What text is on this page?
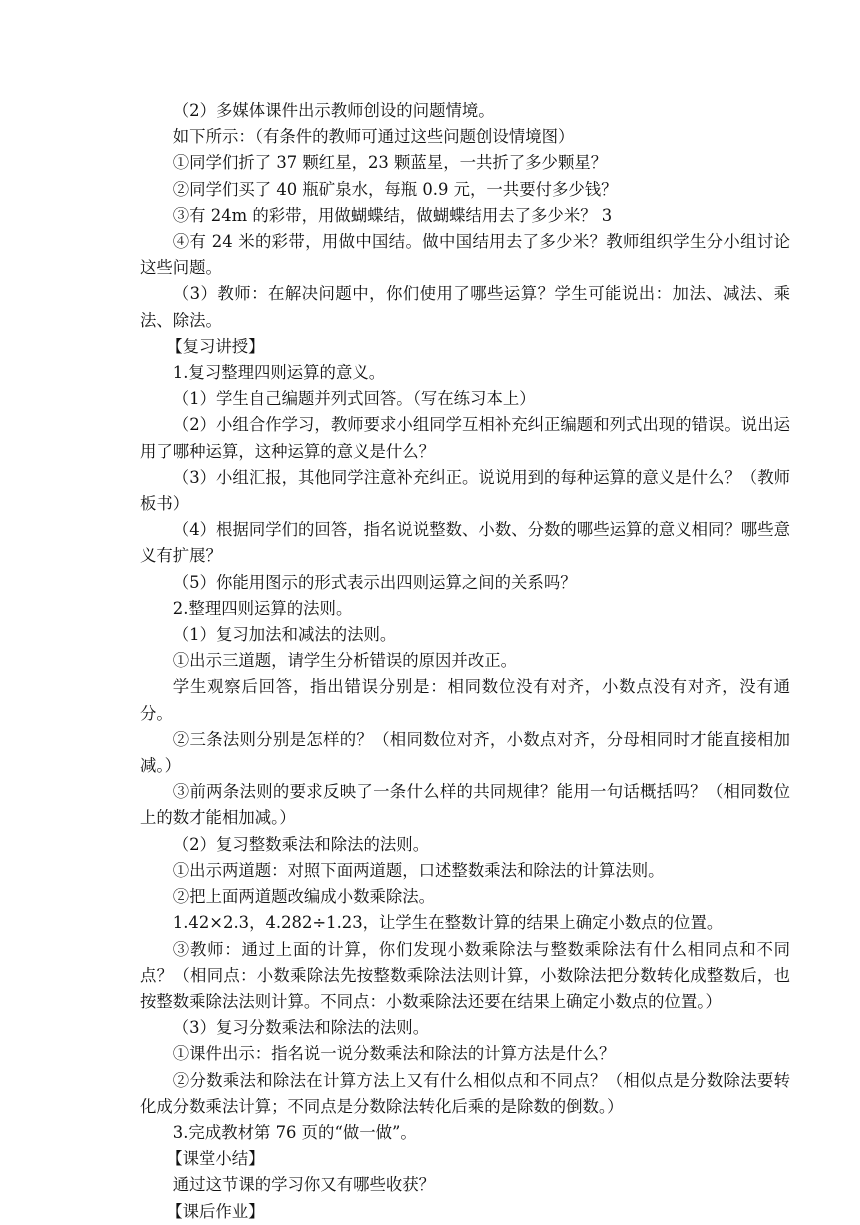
（2）多媒体课件出示教师创设的问题情境。

如下所示：（有条件的教师可通过这些问题创设情境图）

①同学们折了 37 颗红星，23 颗蓝星，一共折了多少颗星？

②同学们买了 40 瓶矿泉水，每瓶 0.9 元，一共要付多少钱？

③有 24m 的彩带，用做蝴蝶结，做蝴蝶结用去了多少米？ 3

④有 24 米的彩带，用做中国结。做中国结用去了多少米？教师组织学生分小组讨论这些问题。

（3）教师：在解决问题中，你们使用了哪些运算？学生可能说出：加法、减法、乘法、除法。

【复习讲授】

1.复习整理四则运算的意义。

（1）学生自己编题并列式回答。（写在练习本上）

（2）小组合作学习，教师要求小组同学互相补充纠正编题和列式出现的错误。说出运用了哪种运算，这种运算的意义是什么？

（3）小组汇报，其他同学注意补充纠正。说说用到的每种运算的意义是什么？（教师板书）

（4）根据同学们的回答，指名说说整数、小数、分数的哪些运算的意义相同？哪些意义有扩展？

（5）你能用图示的形式表示出四则运算之间的关系吗？

2.整理四则运算的法则。

（1）复习加法和减法的法则。

①出示三道题，请学生分析错误的原因并改正。

学生观察后回答，指出错误分别是：相同数位没有对齐，小数点没有对齐，没有通分。

②三条法则分别是怎样的？（相同数位对齐，小数点对齐，分母相同时才能直接相加减。）

③前两条法则的要求反映了一条什么样的共同规律？能用一句话概括吗？（相同数位上的数才能相加减。）

（2）复习整数乘法和除法的法则。

①出示两道题：对照下面两道题，口述整数乘法和除法的计算法则。

②把上面两道题改编成小数乘除法。

1.42×2.3，4.282÷1.23，让学生在整数计算的结果上确定小数点的位置。

③教师：通过上面的计算，你们发现小数乘除法与整数乘除法有什么相同点和不同点？（相同点：小数乘除法先按整数乘除法法则计算，小数除法把分数转化成整数后，也按整数乘除法法则计算。不同点：小数乘除法还要在结果上确定小数点的位置。）

（3）复习分数乘法和除法的法则。

①课件出示：指名说一说分数乘法和除法的计算方法是什么？

②分数乘法和除法在计算方法上又有什么相似点和不同点？（相似点是分数除法要转化成分数乘法计算；不同点是分数除法转化后乘的是除数的倒数。）

3.完成教材第 76 页的“做一做”。

【课堂小结】

通过这节课的学习你又有哪些收获？

【课后作业】
